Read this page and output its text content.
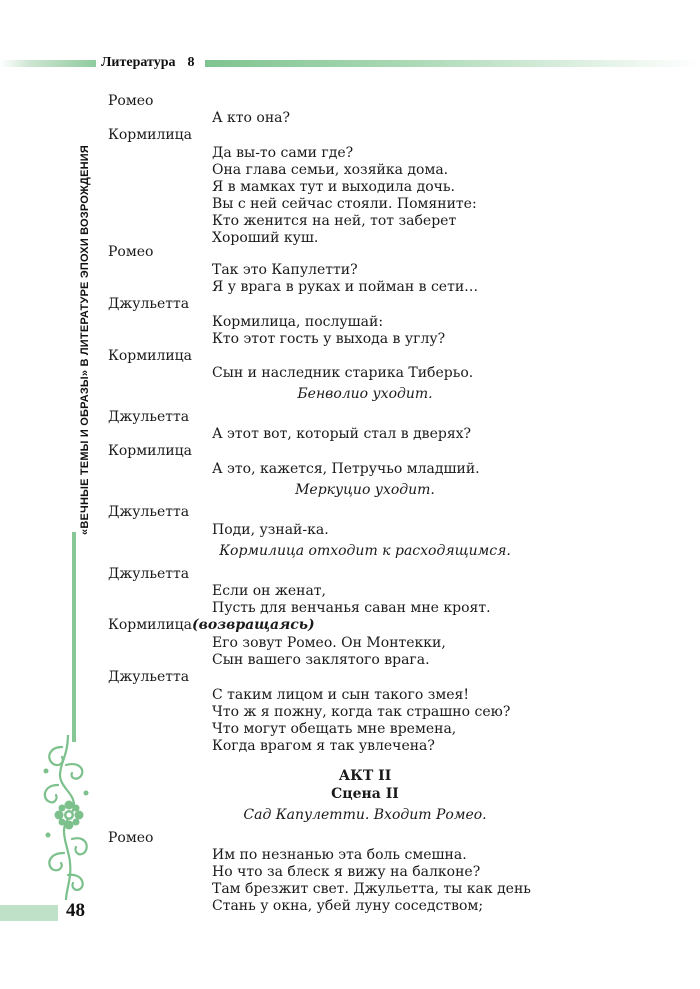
Литература 8
«ВЕЧНЫЕ ТЕМЫ И ОБРАЗЫ» В ЛИТЕРАТУРЕ ЭПОХИ ВОЗРОЖДЕНИЯ
48
Ромео
А кто она?
Кормилица
Да вы-то сами где?
Она глава семьи, хозяйка дома.
Я в мамках тут и выходила дочь.
Вы с ней сейчас стояли. Помяните:
Кто женится на ней, тот заберет
Хороший куш.
Ромео
Так это Капулетти?
Я у врага в руках и пойман в сети…
Джульетта
Кормилица, послушай:
Кто этот гость у выхода в углу?
Кормилица
Сын и наследник старика Тиберьо.
Бенволио уходит.
Джульетта
А этот вот, который стал в дверях?
Кормилица
А это, кажется, Петручьо младший.
Меркуцио уходит.
Джульетта
Поди, узнай-ка.
Кормилица отходит к расходящимся.
Джульетта
Если он женат,
Пусть для венчанья саван мне кроят.
Кормилица(возвращаясь)
Его зовут Ромео. Он Монтекки,
Сын вашего заклятого врага.
Джульетта
С таким лицом и сын такого змея!
Что ж я пожну, когда так страшно сею?
Что могут обещать мне времена,
Когда врагом я так увлечена?
АКТ II
Сцена II
Сад Капулетти. Входит Ромео.
Ромео
Им по незнанью эта боль смешна.
Но что за блеск я вижу на балконе?
Там брезжит свет. Джульетта, ты как день
Стань у окна, убей луну соседством;
